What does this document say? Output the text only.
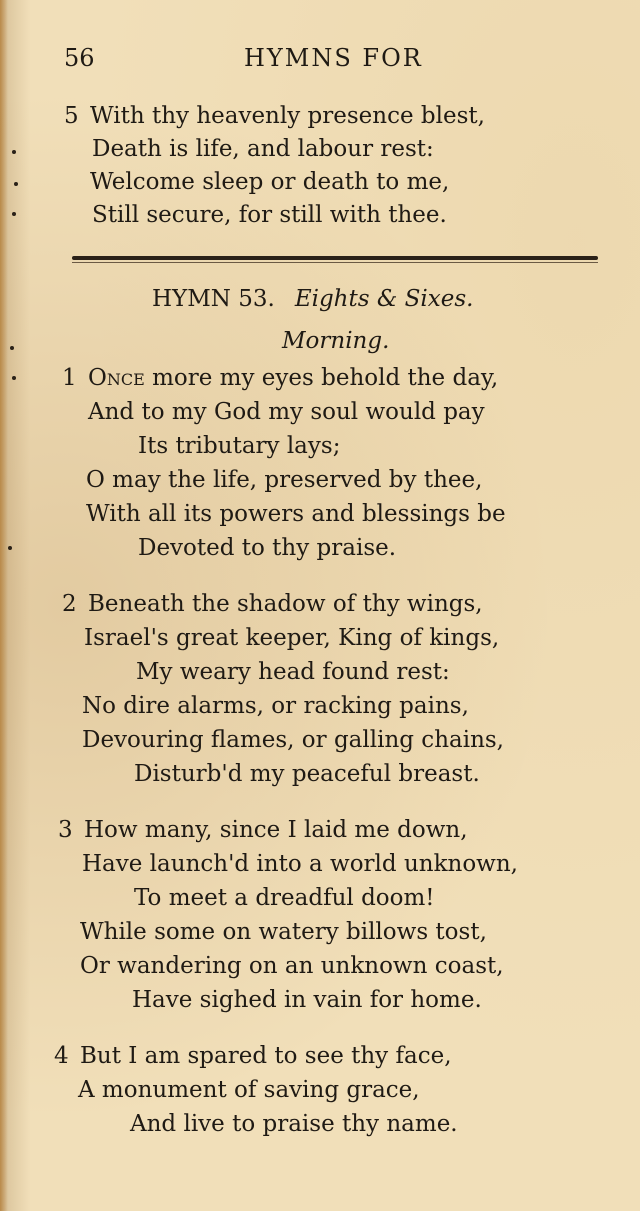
56	HYMNS FOR
5 With thy heavenly presence blest,
Death is life, and labour rest:
Welcome sleep or death to me,
Still secure, for still with thee.
HYMN 53. Eights & Sixes.
Morning.
1 Once more my eyes behold the day,
And to my God my soul would pay
Its tributary lays;
O may the life, preserved by thee,
With all its powers and blessings be
Devoted to thy praise.
2 Beneath the shadow of thy wings,
Israel's great keeper, King of kings,
My weary head found rest:
No dire alarms, or racking pains,
Devouring flames, or galling chains,
Disturb'd my peaceful breast.
3 How many, since I laid me down,
Have launch'd into a world unknown,
To meet a dreadful doom!
While some on watery billows tost,
Or wandering on an unknown coast,
Have sighed in vain for home.
4 But I am spared to see thy face,
A monument of saving grace,
And live to praise thy name.
